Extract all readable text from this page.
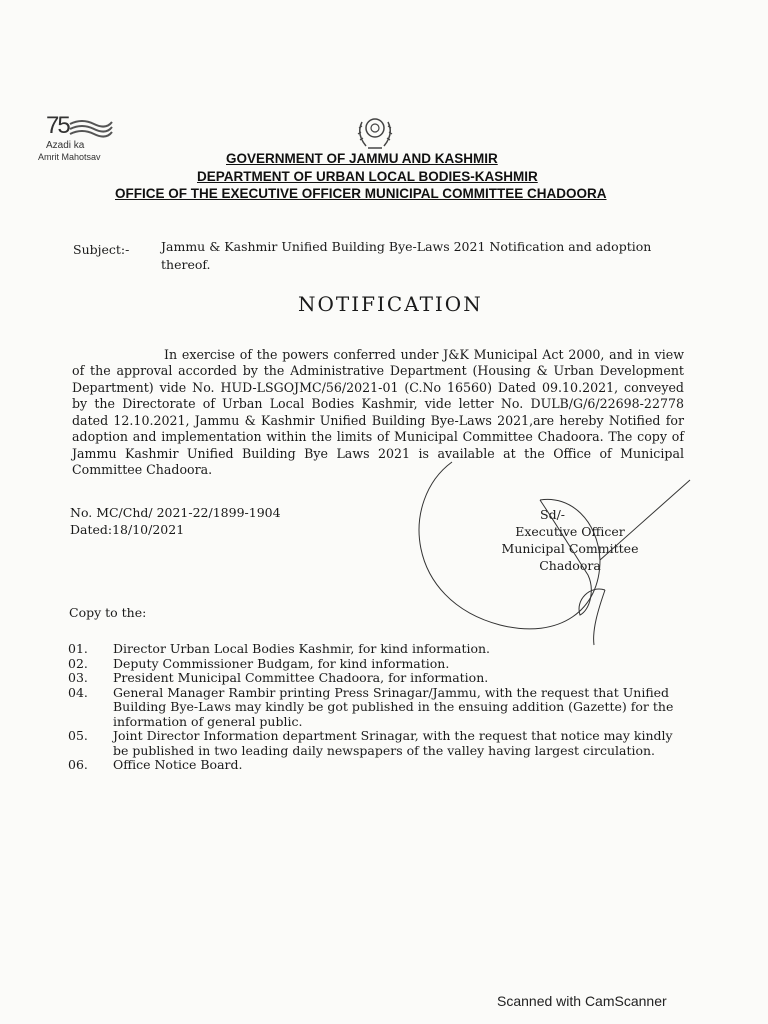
75
Azadi ka
Amrit Mahotsav	GOVERNMENT OF JAMMU AND KASHMIR
DEPARTMENT OF URBAN LOCAL BODIES-KASHMIR
OFFICE OF THE EXECUTIVE OFFICER MUNICIPAL COMMITTEE CHADOORA
Subject:-	Jammu & Kashmir Unified Building Bye-Laws 2021 Notification and adoption thereof.
NOTIFICATION

In exercise of the powers conferred under J&K Municipal Act 2000, and in view of the approval accorded by the Administrative Department (Housing & Urban Development Department) vide No. HUD-LSGOJMC/56/2021-01 (C.No 16560) Dated 09.10.2021, conveyed by the Directorate of Urban Local Bodies Kashmir, vide letter No. DULB/G/6/22698-22778 dated 12.10.2021, Jammu & Kashmir Unified Building Bye-Laws 2021,are hereby Notified for adoption and implementation within the limits of Municipal Committee Chadoora. The copy of Jammu Kashmir Unified Building Bye Laws 2021 is available at the Office of Municipal Committee Chadoora.

No. MC/Chd/ 2021-22/1899-1904
Dated:18/10/2021
Sd/-
Executive Officer
Municipal Committee
Chadoora
Copy to the:
01.	Director Urban Local Bodies Kashmir, for kind information.
02.	Deputy Commissioner Budgam, for kind information.
03.	President Municipal Committee Chadoora, for information.
04.	General Manager Rambir printing Press Srinagar/Jammu, with the request that Unified Building Bye-Laws may kindly be got published in the ensuing addition (Gazette) for the information of general public.
05.	Joint Director Information department Srinagar, with the request that notice may kindly be published in two leading daily newspapers of the valley having largest circulation.
06.	Office Notice Board.
Scanned with CamScanner
